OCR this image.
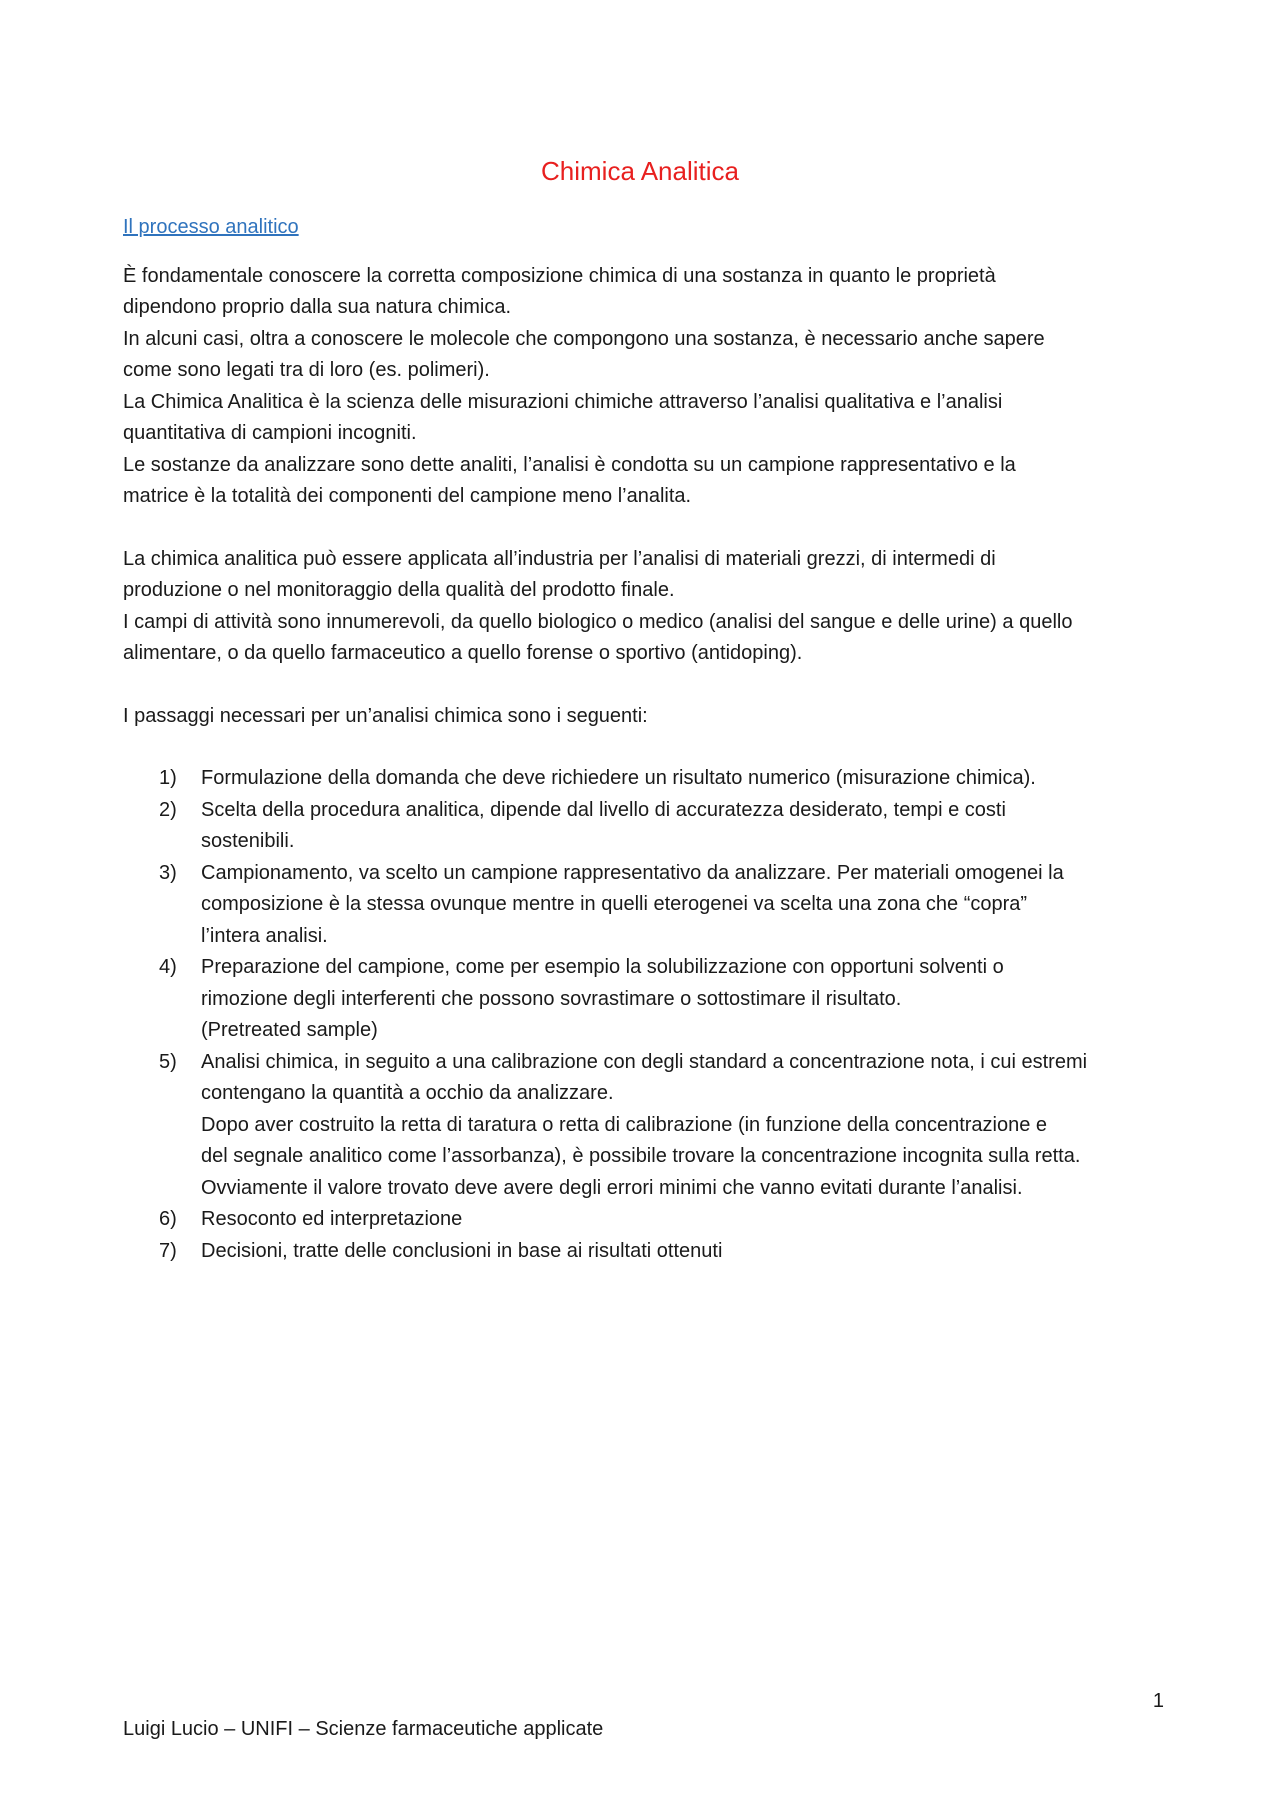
Chimica Analitica
Il processo analitico

È fondamentale conoscere la corretta composizione chimica di una sostanza in quanto le proprietà
dipendono proprio dalla sua natura chimica.
In alcuni casi, oltra a conoscere le molecole che compongono una sostanza, è necessario anche sapere
come sono legati tra di loro (es. polimeri).
La Chimica Analitica è la scienza delle misurazioni chimiche attraverso l’analisi qualitativa e l’analisi
quantitativa di campioni incogniti.
Le sostanze da analizzare sono dette analiti, l’analisi è condotta su un campione rappresentativo e la
matrice è la totalità dei componenti del campione meno l’analita.

La chimica analitica può essere applicata all’industria per l’analisi di materiali grezzi, di intermedi di
produzione o nel monitoraggio della qualità del prodotto finale.
I campi di attività sono innumerevoli, da quello biologico o medico (analisi del sangue e delle urine) a quello
alimentare, o da quello farmaceutico a quello forense o sportivo (antidoping).

I passaggi necessari per un’analisi chimica sono i seguenti:

1) Formulazione della domanda che deve richiedere un risultato numerico (misurazione chimica).
2) Scelta della procedura analitica, dipende dal livello di accuratezza desiderato, tempi e costi
sostenibili.
3) Campionamento, va scelto un campione rappresentativo da analizzare. Per materiali omogenei la
composizione è la stessa ovunque mentre in quelli eterogenei va scelta una zona che “copra”
l’intera analisi.
4) Preparazione del campione, come per esempio la solubilizzazione con opportuni solventi o
rimozione degli interferenti che possono sovrastimare o sottostimare il risultato.
(Pretreated sample)
5) Analisi chimica, in seguito a una calibrazione con degli standard a concentrazione nota, i cui estremi
contengano la quantità a occhio da analizzare.
Dopo aver costruito la retta di taratura o retta di calibrazione (in funzione della concentrazione e
del segnale analitico come l’assorbanza), è possibile trovare la concentrazione incognita sulla retta.
Ovviamente il valore trovato deve avere degli errori minimi che vanno evitati durante l’analisi.
6) Resoconto ed interpretazione
7) Decisioni, tratte delle conclusioni in base ai risultati ottenuti
1
Luigi Lucio – UNIFI – Scienze farmaceutiche applicate
